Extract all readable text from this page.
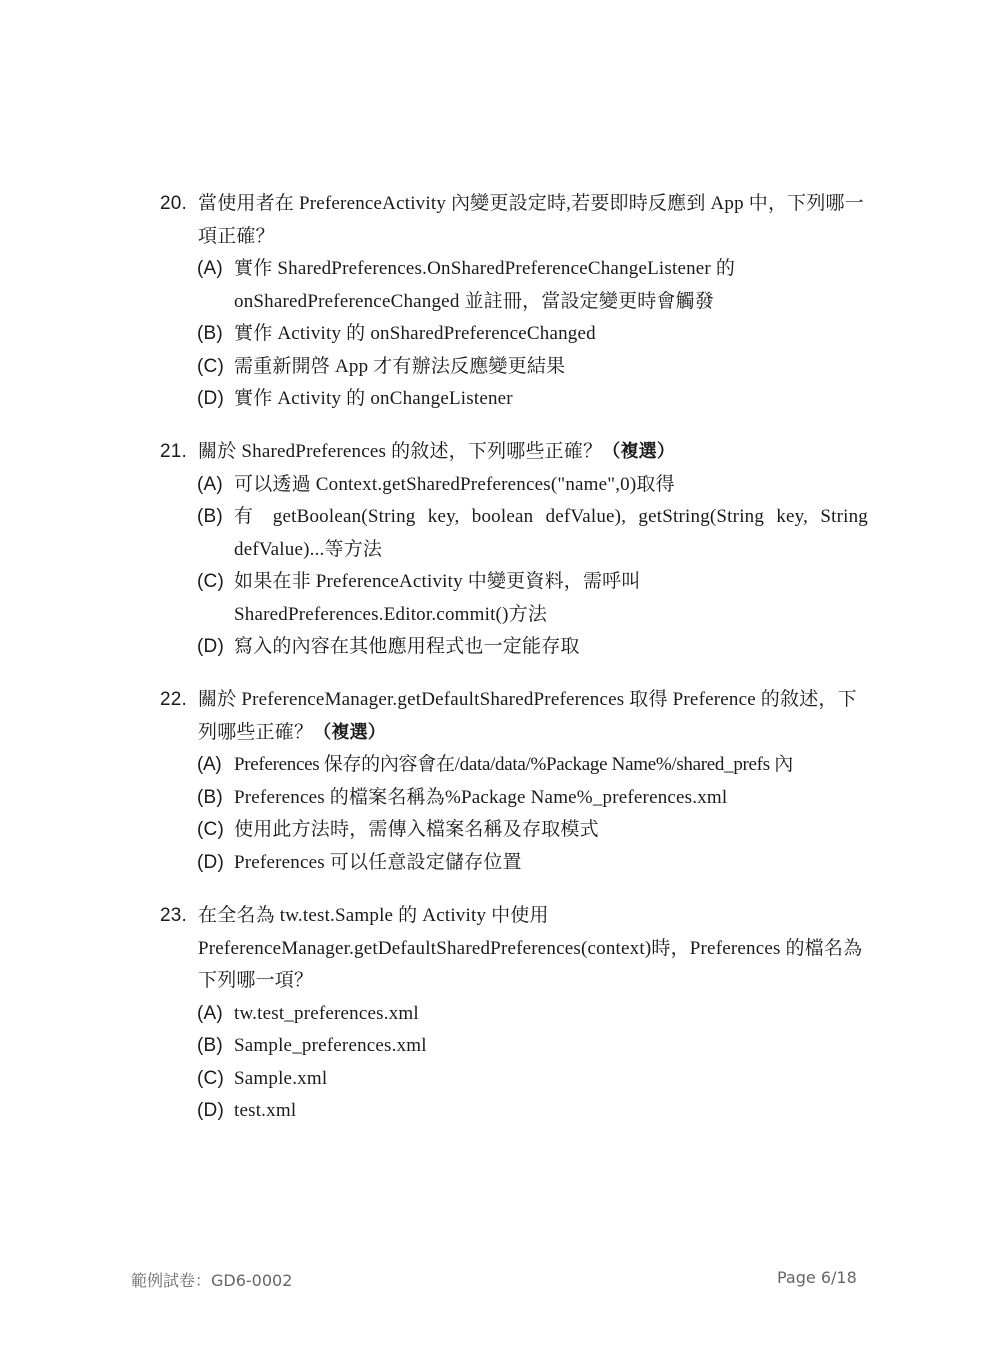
20. 當使用者在 PreferenceActivity 內變更設定時,若要即時反應到 App 中，下列哪一項正確？
(A) 實作 SharedPreferences.OnSharedPreferenceChangeListener 的 onSharedPreferenceChanged 並註冊，當設定變更時會觸發
(B) 實作 Activity 的 onSharedPreferenceChanged
(C) 需重新開啓 App 才有辦法反應變更結果
(D) 實作 Activity 的 onChangeListener
21. 關於 SharedPreferences 的敘述，下列哪些正確？（複選）
(A) 可以透過 Context.getSharedPreferences("name",0)取得
(B) 有 getBoolean(String key, boolean defValue), getString(String key, String defValue)...等方法
(C) 如果在非 PreferenceActivity 中變更資料，需呼叫 SharedPreferences.Editor.commit()方法
(D) 寫入的內容在其他應用程式也一定能存取
22. 關於 PreferenceManager.getDefaultSharedPreferences 取得 Preference 的敘述，下列哪些正確？（複選）
(A) Preferences 保存的內容會在/data/data/%Package Name%/shared_prefs 內
(B) Preferences 的檔案名稱為%Package Name%_preferences.xml
(C) 使用此方法時，需傳入檔案名稱及存取模式
(D) Preferences 可以任意設定儲存位置
23. 在全名為 tw.test.Sample 的 Activity 中使用 PreferenceManager.getDefaultSharedPreferences(context)時，Preferences 的檔名為下列哪一項？
(A) tw.test_preferences.xml
(B) Sample_preferences.xml
(C) Sample.xml
(D) test.xml
範例試卷：GD6-0002	Page 6/18
